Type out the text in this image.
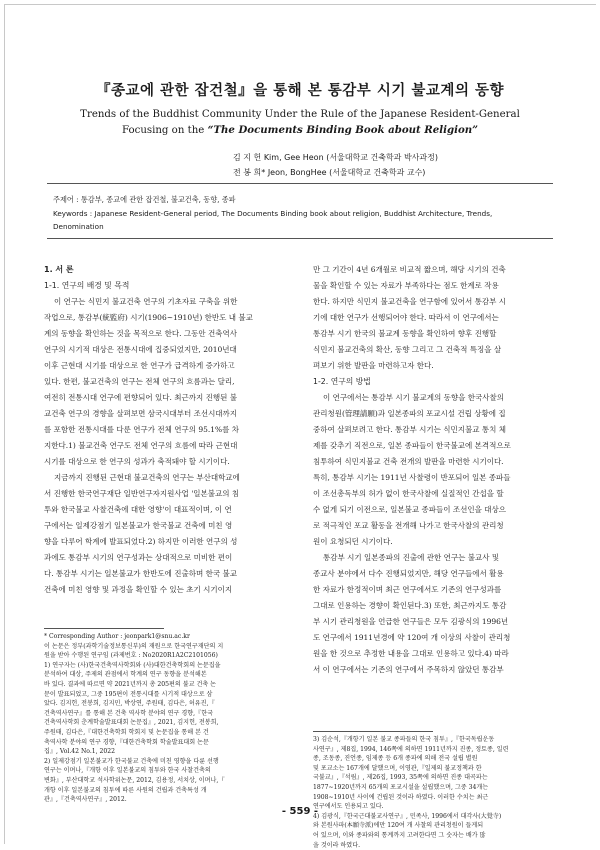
『종교에 관한 잡건철』을 통해 본 통감부 시기 불교계의 동향
Trends of the Buddhist Community Under the Rule of the Japanese Resident-General
Focusing on the “The Documents Binding Book about Religion”
김 지 헌 Kim, Gee Heon (서울대학교 건축학과 박사과정)
전 봉 희* Jeon, BongHee (서울대학교 건축학과 교수)
주제어 : 통감부, 종교에 관한 잡건철, 불교건축, 동향, 종파
Keywords : Japanese Resident-General period, The Documents Binding book about religion, Buddhist Architecture, Trends,
Denomination

1. 서 론

1-1. 연구의 배경 및 목적

이 연구는 식민지 불교건축 연구의 기초자료 구축을 위한

작업으로, 통감부(統監府) 시기(1906~1910년) 한반도 내 불교

계의 동향을 확인하는 것을 목적으로 한다. 그동안 건축역사

연구의 시기적 대상은 전통시대에 집중되었지만, 2010년대

이후 근현대 시기를 대상으로 한 연구가 급격하게 증가하고

있다. 한편, 불교건축의 연구는 전체 연구의 흐름과는 달리,

여전히 전통시대 연구에 편향되어 있다. 최근까지 진행된 불

교건축 연구의 경향을 살펴보면 삼국시대부터 조선시대까지

를 포함한 전통시대를 다룬 연구가 전체 연구의 95.1%를 차

지한다.1) 불교건축 연구도 전체 연구의 흐름에 따라 근현대

시기를 대상으로 한 연구의 성과가 축적돼야 할 시기이다.

지금까지 진행된 근현대 불교건축의 연구는 부산대학교에

서 진행한 한국연구재단 일반연구자지원사업 '일본불교의 침

투와 한국불교 사찰건축에 대한 영향'이 대표적이며, 이 연

구에서는 일제강점기 일본불교가 한국불교 건축에 미친 영

향을 다루어 학계에 발표되었다.2) 하지만 이러한 연구의 성

과에도 통감부 시기의 연구성과는 상대적으로 미비한 편이

다. 통감부 시기는 일본불교가 한반도에 진출하며 한국 불교

건축에 미친 영향 및 과정을 확인할 수 있는 초기 시기이지

만 그 기간이 4년 6개월로 비교적 짧으며, 해당 시기의 건축

물을 확인할 수 있는 자료가 부족하다는 점도 한계로 작용

한다. 하지만 식민지 불교건축을 연구함에 있어서 통감부 시

기에 대한 연구가 선행되어야 한다. 따라서 이 연구에서는

통감부 시기 한국의 불교계 동향을 확인하여 향후 진행할

식민지 불교건축의 확산, 동향 그리고 그 건축적 특징을 살

펴보기 위한 발판을 마련하고자 한다.

1-2. 연구의 방법

이 연구에서는 통감부 시기 불교계의 동향을 한국사찰의

관리청원(管理請願)과 일본종파의 포교시설 건립 상황에 집

중하여 살펴보려고 한다. 통감부 시기는 식민지불교 통치 체

제를 갖추기 직전으로, 일본 종파들이 한국불교에 본격적으로

침투하여 식민지불교 건축 전개의 발판을 마련한 시기이다.

특히, 통감부 시기는 1911년 사찰령이 반포되어 일본 종파들

이 조선총독부의 허가 없이 한국사찰에 실질적인 간섭을 할

수 없게 되기 이전으로, 일본불교 종파들이 조선인을 대상으

로 적극적인 포교 활동을 전개해 나가고 한국사찰의 관리청

원이 요청되던 시기이다.

통감부 시기 일본종파의 진출에 관한 연구는 불교사 및

종교사 분야에서 다수 진행되었지만, 해당 연구들에서 활용

한 자료가 한정적이며 최근 연구에서도 기존의 연구성과를

그대로 인용하는 경향이 확인된다.3) 또한, 최근까지도 통감

부 시기 관리청원을 언급한 연구들은 모두 김광식의 1996년

도 연구에서 1911년경에 약 120여 개 이상의 사찰이 관리청

원을 한 것으로 추정한 내용을 그대로 인용하고 있다.4) 따라

서 이 연구에서는 기존의 연구에서 주목하지 않았던 통감부

* Corresponding Author : jeonpark1@snu.ac.kr

이 논문은 정부(과학기술정보통신부)의 재원으로 한국연구재단의 지

원을 받아 수행된 연구임 (과제번호 : No2020R1A2C2101056)

1) 연구자는 (사)한국건축역사학회와 (사)대한건축학회의 논문집을

분석하여 대상, 주제의 관점에서 학계의 연구 동향을 분석해본

바 있다. 결과에 따르면 약 2021년까지 총 205편의 불교 건축 논

문이 발표되었고, 그중 195편이 전통시대를 시기적 대상으로 삼

았다. 김지헌, 전봉희, 김지민, 박상연, 주원태, 김다은, 허유진,『

건축역사연구』를 통해 본 건축 역사학 분야의 연구 경향,『한국

건축역사학회 춘계학술발표대회 논문집』, 2021, 김지헌, 전봉희,

주원태, 김다은,『대한건축학회 학회지 및 논문집을 통해 본 건

축역사학 분야의 연구 경향,『대한건축학회 학술발표대회 논문

집』, Vol.42 No.1, 2022

2) 일제강점기 일본불교가 한국불교 건축에 미친 영향을 다룬 선행

연구는 이며나,『개항 이후 일본불교의 침투와 한국 사찰건축의

변화』, 부산대학교 석사학위논문, 2012, 김용정, 서치상, 이며나,『

개항 이후 일본불교의 침투에 따른 사원의 건립과 건축특성 개

관』,『건축역사연구』, 2012.

3) 김순석,『개항기 일본 불교 종파들의 한국 침투』,『한국독립운동

사연구』, 제8집, 1994, 146쪽에 의하면 1911년까지 진종, 정토종, 일련

종, 조동종, 진언종, 임제종 등 6개 종파에 의해 전국 설립 별원

및 포교소는 167개에 달했으며, 이영관,『일제의 불교정책과 한

국불교』,『석림』, 제26집, 1993, 35쪽에 의하면 진종 대곡파는

1877~1920년까지 65개의 포교시설을 설립했으며, 그중 34개는

1908~1910년 사이에 건립된 것이라 하였다. 이러한 수치는 최근

연구에서도 인용되고 있다.

4) 김광식,『한국근대불교사연구』, 민족사, 1996에서 대각사(大覺寺)

와 본원사파(本願寺派)에만 120여 개 사찰의 관리청원이 들게되

어 있으며, 이와 종파와의 통계까지 고려한다면 그 숫자는 배가 많

을 것이라 하였다.

- 559 -
